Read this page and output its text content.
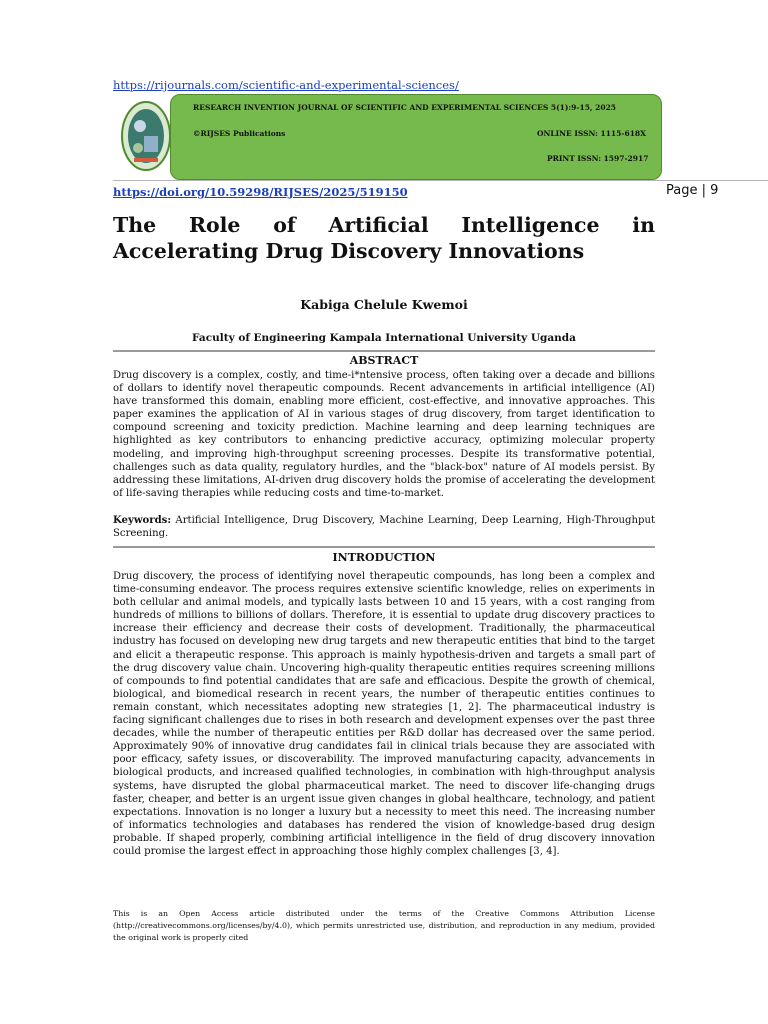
https://rijournals.com/scientific-and-experimental-sciences/
RESEARCH INVENTION JOURNAL OF SCIENTIFIC AND EXPERIMENTAL SCIENCES 5(1):9-15, 2025
©RIJSES Publications	ONLINE ISSN: 1115-618X
PRINT ISSN: 1597-2917
https://doi.org/10.59298/RIJSES/2025/519150	Page | 9
The Role of Artificial Intelligence in Accelerating Drug Discovery Innovations
Kabiga Chelule Kwemoi
Faculty of Engineering Kampala International University Uganda
ABSTRACT

Drug discovery is a complex, costly, and time-i*ntensive process, often taking over a decade and billions of dollars to identify novel therapeutic compounds. Recent advancements in artificial intelligence (AI) have transformed this domain, enabling more efficient, cost-effective, and innovative approaches. This paper examines the application of AI in various stages of drug discovery, from target identification to compound screening and toxicity prediction. Machine learning and deep learning techniques are highlighted as key contributors to enhancing predictive accuracy, optimizing molecular property modeling, and improving high-throughput screening processes. Despite its transformative potential, challenges such as data quality, regulatory hurdles, and the "black-box" nature of AI models persist. By addressing these limitations, AI-driven drug discovery holds the promise of accelerating the development of life-saving therapies while reducing costs and time-to-market.

Keywords: Artificial Intelligence, Drug Discovery, Machine Learning, Deep Learning, High-Throughput Screening.

INTRODUCTION

Drug discovery, the process of identifying novel therapeutic compounds, has long been a complex and time-consuming endeavor. The process requires extensive scientific knowledge, relies on experiments in both cellular and animal models, and typically lasts between 10 and 15 years, with a cost ranging from hundreds of millions to billions of dollars. Therefore, it is essential to update drug discovery practices to increase their efficiency and decrease their costs of development. Traditionally, the pharmaceutical industry has focused on developing new drug targets and new therapeutic entities that bind to the target and elicit a therapeutic response. This approach is mainly hypothesis-driven and targets a small part of the drug discovery value chain. Uncovering high-quality therapeutic entities requires screening millions of compounds to find potential candidates that are safe and efficacious. Despite the growth of chemical, biological, and biomedical research in recent years, the number of therapeutic entities continues to remain constant, which necessitates adopting new strategies [1, 2]. The pharmaceutical industry is facing significant challenges due to rises in both research and development expenses over the past three decades, while the number of therapeutic entities per R&D dollar has decreased over the same period. Approximately 90% of innovative drug candidates fail in clinical trials because they are associated with poor efficacy, safety issues, or discoverability. The improved manufacturing capacity, advancements in biological products, and increased qualified technologies, in combination with high-throughput analysis systems, have disrupted the global pharmaceutical market. The need to discover life-changing drugs faster, cheaper, and better is an urgent issue given changes in global healthcare, technology, and patient expectations. Innovation is no longer a luxury but a necessity to meet this need. The increasing number of informatics technologies and databases has rendered the vision of knowledge-based drug design probable. If shaped properly, combining artificial intelligence in the field of drug discovery innovation could promise the largest effect in approaching those highly complex challenges [3, 4].

This is an Open Access article distributed under the terms of the Creative Commons Attribution License (http://creativecommons.org/licenses/by/4.0), which permits unrestricted use, distribution, and reproduction in any medium, provided the original work is properly cited
